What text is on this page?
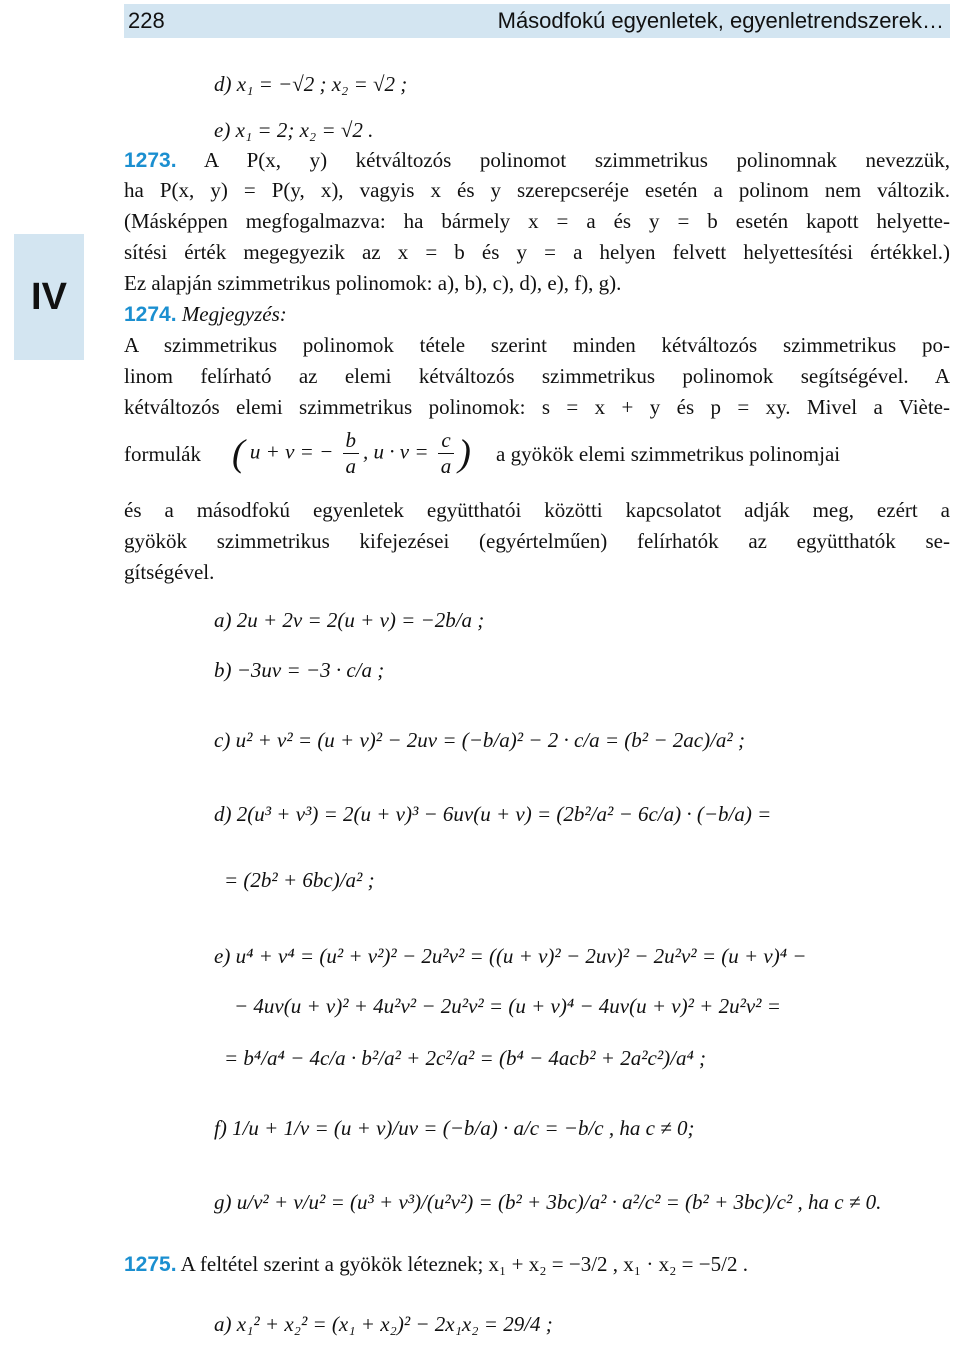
228	Másodfokú egyenletek, egyenletrendszerek…
IV
d) x₁ = −√2 ; x₂ = √2 ;
e) x₁ = 2; x₂ = √2 .
1273. A P(x, y) kétváltozós polinomot szimmetrikus polinomnak nevezzük,
ha P(x, y) = P(y, x), vagyis x és y szerepcseréje esetén a polinom nem változik.
(Másképpen megfogalmazva: ha bármely x = a és y = b esetén kapott helyette-
sítési érték megegyezik az x = b és y = a helyen felvett helyettesítési értékkel.)
Ez alapján szimmetrikus polinomok: a), b), c), d), e), f), g).
1274. Megjegyzés:
A szimmetrikus polinomok tétele szerint minden kétváltozós szimmetrikus po-
linom felírható az elemi kétváltozós szimmetrikus polinomok segítségével. A
kétváltozós elemi szimmetrikus polinomok: s = x + y és p = xy. Mivel a Viète-
formulák ( u + v = − $\frac{b}{a}$ , $u \cdot v = \frac{c}{a}$ ) a gyökök elemi szimmetrikus polinomjai
és a másodfokú egyenletek együtthatói közötti kapcsolatot adják meg, ezért a
gyökök szimmetrikus kifejezései (egyértelműen) felírhatók az együtthatók se-
gítségével.
a) 2u + 2v = 2(u + v) = −2b/a ;
b) −3uv = −3 · c/a ;
c) u² + v² = (u + v)² − 2uv = (−b/a)² − 2 · c/a = (b² − 2ac)/a² ;
d) 2(u³ + v³) = 2(u + v)³ − 6uv(u + v) = (2b²/a² − 6c/a) · (−b/a) =
= (2b² + 6bc)/a² ;
e) u⁴ + v⁴ = (u² + v²)² − 2u²v² = ((u + v)² − 2uv)² − 2u²v² = (u + v)⁴ −
− 4uv(u + v)² + 4u²v² − 2u²v² = (u + v)⁴ − 4uv(u + v)² + 2u²v² =
= b⁴/a⁴ − 4c/a · b²/a² + 2c²/a² = (b⁴ − 4acb² + 2a²c²)/a⁴ ;
f) 1/u + 1/v = (u + v)/uv = (−b/a) · a/c = −b/c , ha c ≠ 0;
g) u/v² + v/u² = (u³ + v³)/(u²v²) = (b² + 3bc)/a² · a²/c² = (b² + 3bc)/c² , ha c ≠ 0.
1275. A feltétel szerint a gyökök léteznek; x₁ + x₂ = −3/2 , x₁ · x₂ = −5/2 .
a) x₁² + x₂² = (x₁ + x₂)² − 2x₁x₂ = 29/4 ;
